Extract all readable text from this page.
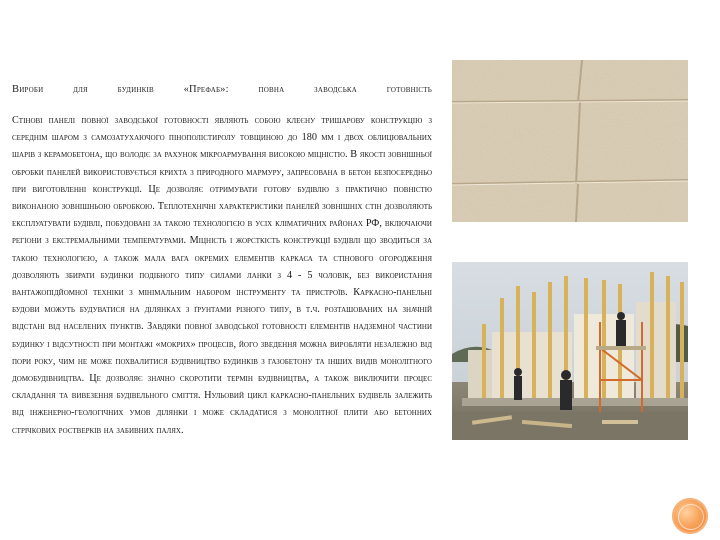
Вироби для будинків «Префаб»: повна заводська готовність
Стінові панелі повної заводської готовності являють собою клеєну тришарову конструкцію з середнім шаром з самозатухаючого пінополістиролу товщиною до 180 мм і двох облицювальних шарів з керамобетона, що володіє за рахунок мікроармування високою міцністю. В якості зовнішньої обробки панелей використовується крихта з природного мармуру, запресована в бетон безпосередньо при виготовленні конструкції. Це дозволяє отримувати готову будівлю з практично повністю виконаною зовнішньою обробкою. Теплотехнічні характеристики панелей зовнішніх стін дозволяють експлуатувати будівлі, побудовані за такою технологією в усіх кліматичних районах РФ, включаючи регіони з екстремальними температурами. Міцність і жорсткість конструкції будівлі що зводиться за такою технологією, а також мала вага окремих елементів каркаса та стінового огородження дозволяють збирати будинки подібного типу силами ланки з 4 - 5 чоловік, без використання вантажопідйомної техніки з мінімальним набором інструменту та пристроїв. Каркасно-панельні будови можуть будуватися на ділянках з ґрунтами різного типу, в т.ч. розташованих на значній відстані від населених пунктів. Завдяки повної заводської готовності елементів надземної частини будинку і відсутності при монтажі «мокрих» процесів, його зведення можна виробляти незалежно від пори року, чим не може похвалитися будівництво будинків з газобетону та інших видів монолітного домобудівництва. Це дозволяє значно скоротити термін будівництва, а також виключити процес складання та вивезення будівельного сміття. Нульовий цикл каркасно-панельних будівель залежить від інженерно-геологічних умов ділянки і може складатися з монолітної плити або бетонних стрічкових ростверків на забивних палях.
